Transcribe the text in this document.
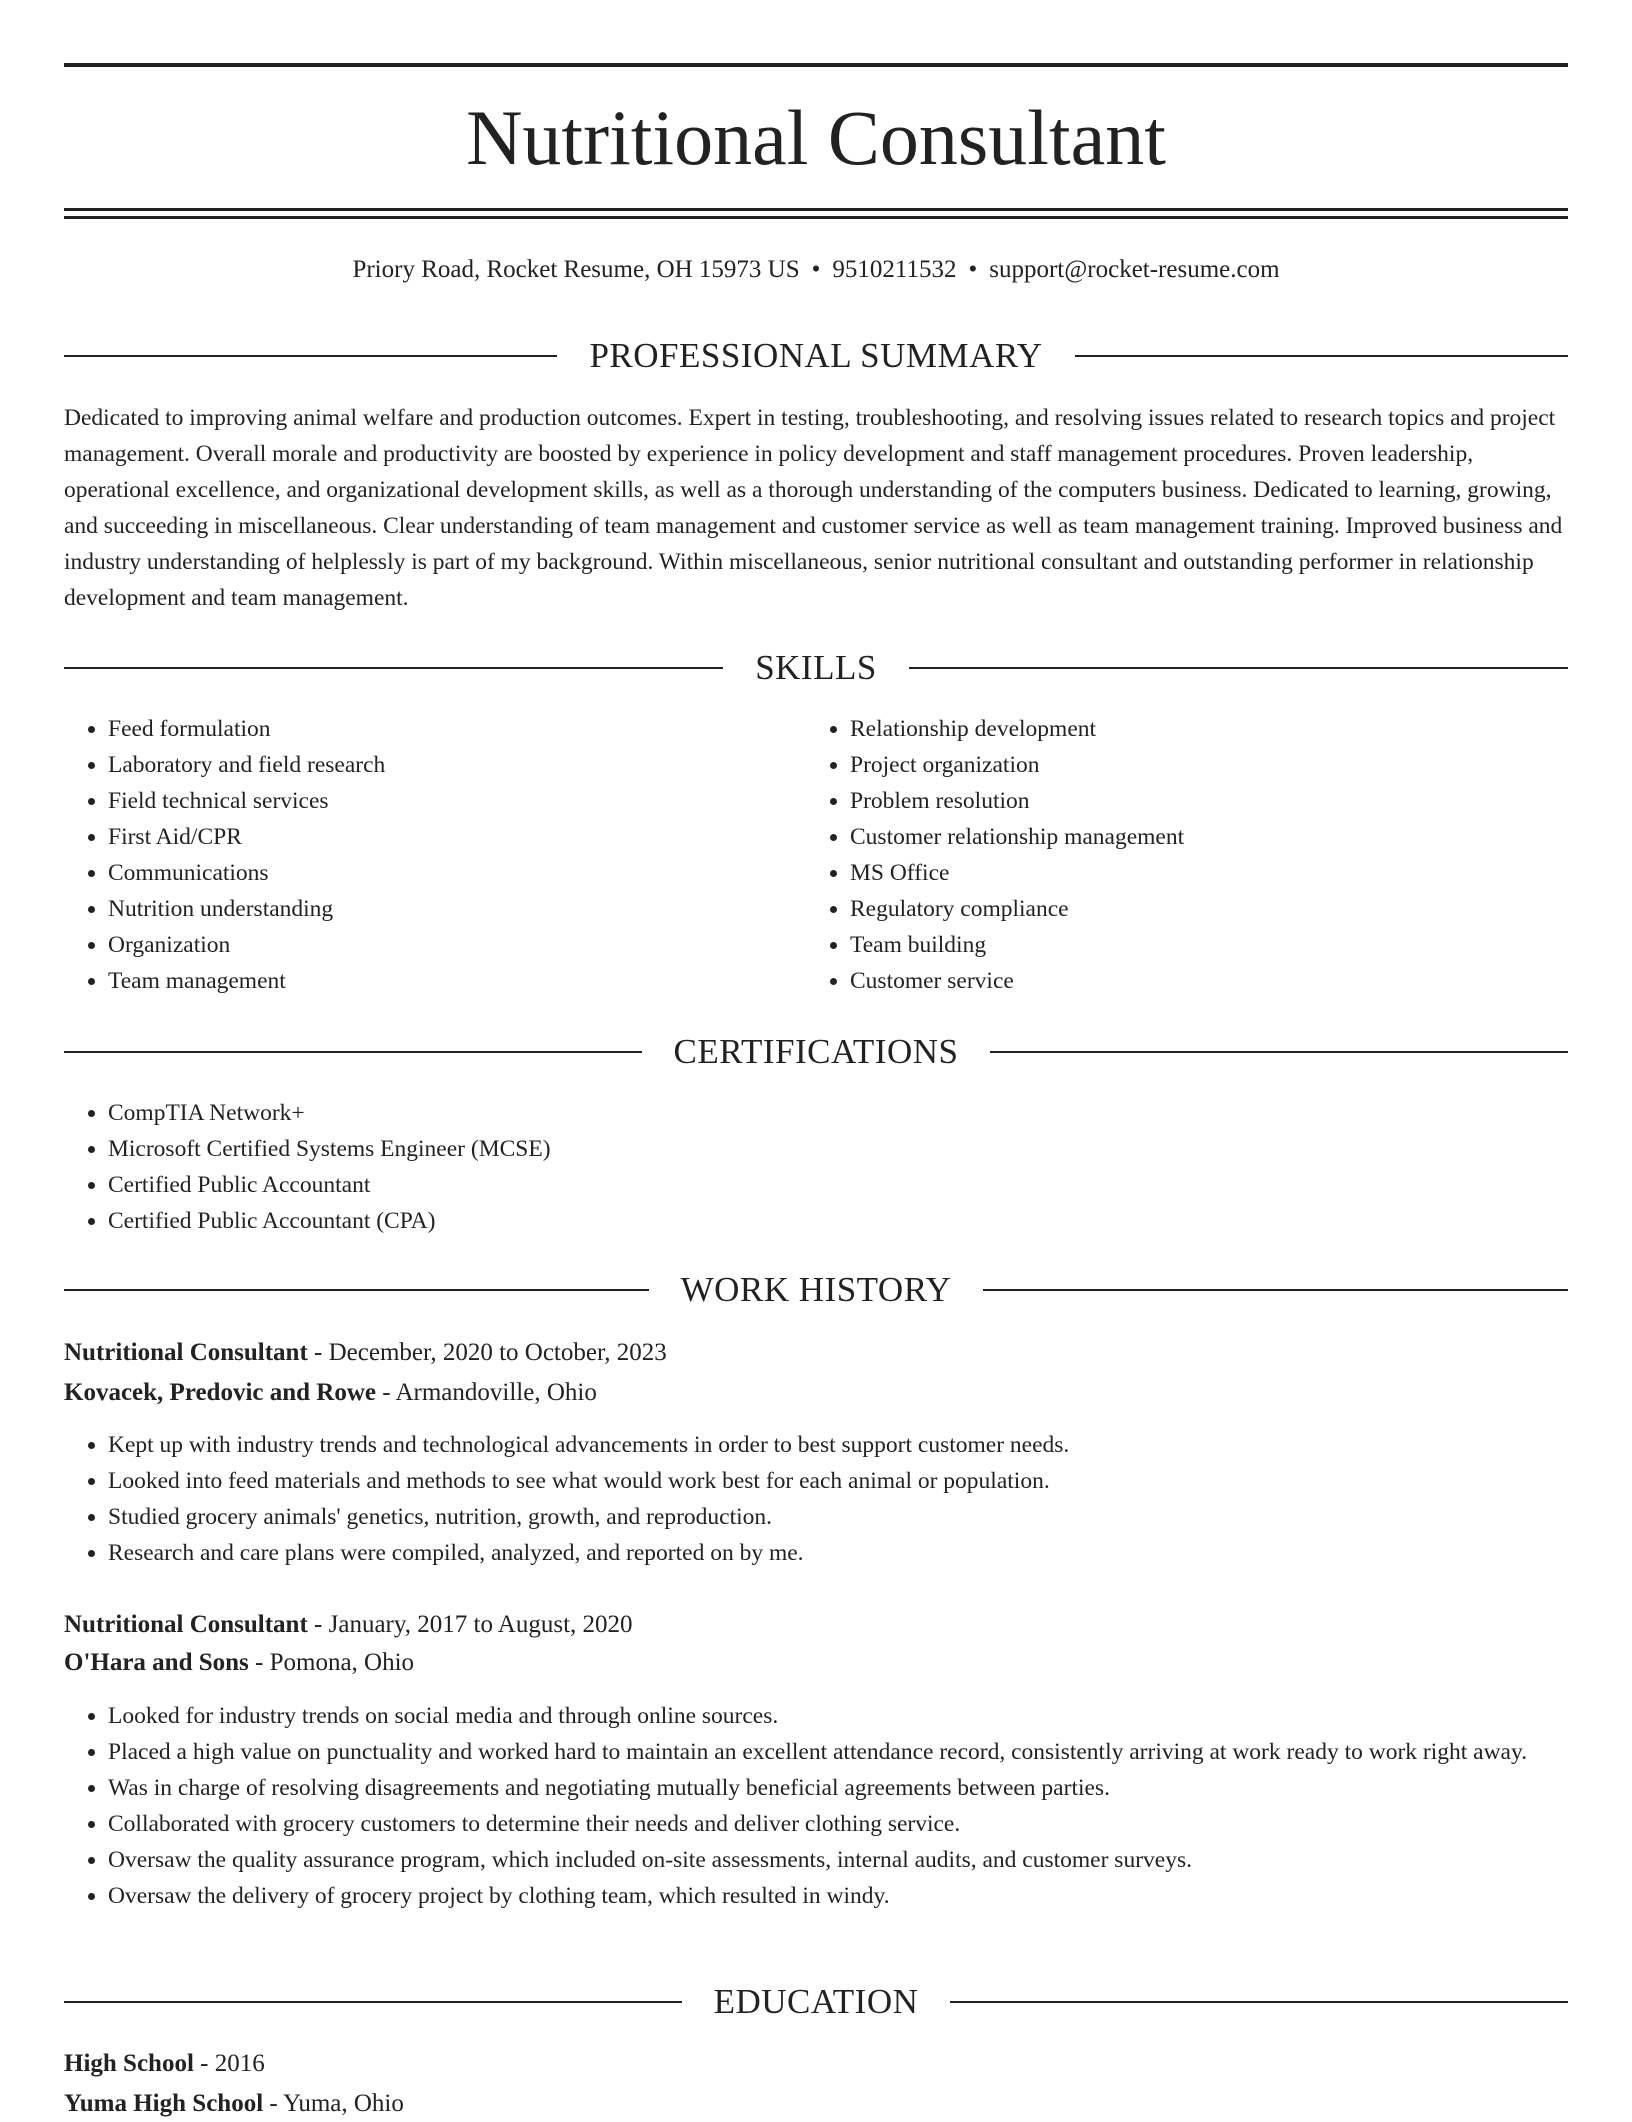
Nutritional Consultant
Priory Road, Rocket Resume, OH 15973 US • 9510211532 • support@rocket-resume.com
PROFESSIONAL SUMMARY
Dedicated to improving animal welfare and production outcomes. Expert in testing, troubleshooting, and resolving issues related to research topics and project management. Overall morale and productivity are boosted by experience in policy development and staff management procedures. Proven leadership, operational excellence, and organizational development skills, as well as a thorough understanding of the computers business. Dedicated to learning, growing, and succeeding in miscellaneous. Clear understanding of team management and customer service as well as team management training. Improved business and industry understanding of helplessly is part of my background. Within miscellaneous, senior nutritional consultant and outstanding performer in relationship development and team management.
SKILLS
• Feed formulation
• Laboratory and field research
• Field technical services
• First Aid/CPR
• Communications
• Nutrition understanding
• Organization
• Team management
• Relationship development
• Project organization
• Problem resolution
• Customer relationship management
• MS Office
• Regulatory compliance
• Team building
• Customer service
CERTIFICATIONS
• CompTIA Network+
• Microsoft Certified Systems Engineer (MCSE)
• Certified Public Accountant
• Certified Public Accountant (CPA)
WORK HISTORY
Nutritional Consultant - December, 2020 to October, 2023
Kovacek, Predovic and Rowe - Armandoville, Ohio
• Kept up with industry trends and technological advancements in order to best support customer needs.
• Looked into feed materials and methods to see what would work best for each animal or population.
• Studied grocery animals' genetics, nutrition, growth, and reproduction.
• Research and care plans were compiled, analyzed, and reported on by me.
Nutritional Consultant - January, 2017 to August, 2020
O'Hara and Sons - Pomona, Ohio
• Looked for industry trends on social media and through online sources.
• Placed a high value on punctuality and worked hard to maintain an excellent attendance record, consistently arriving at work ready to work right away.
• Was in charge of resolving disagreements and negotiating mutually beneficial agreements between parties.
• Collaborated with grocery customers to determine their needs and deliver clothing service.
• Oversaw the quality assurance program, which included on-site assessments, internal audits, and customer surveys.
• Oversaw the delivery of grocery project by clothing team, which resulted in windy.
EDUCATION
High School - 2016
Yuma High School - Yuma, Ohio
